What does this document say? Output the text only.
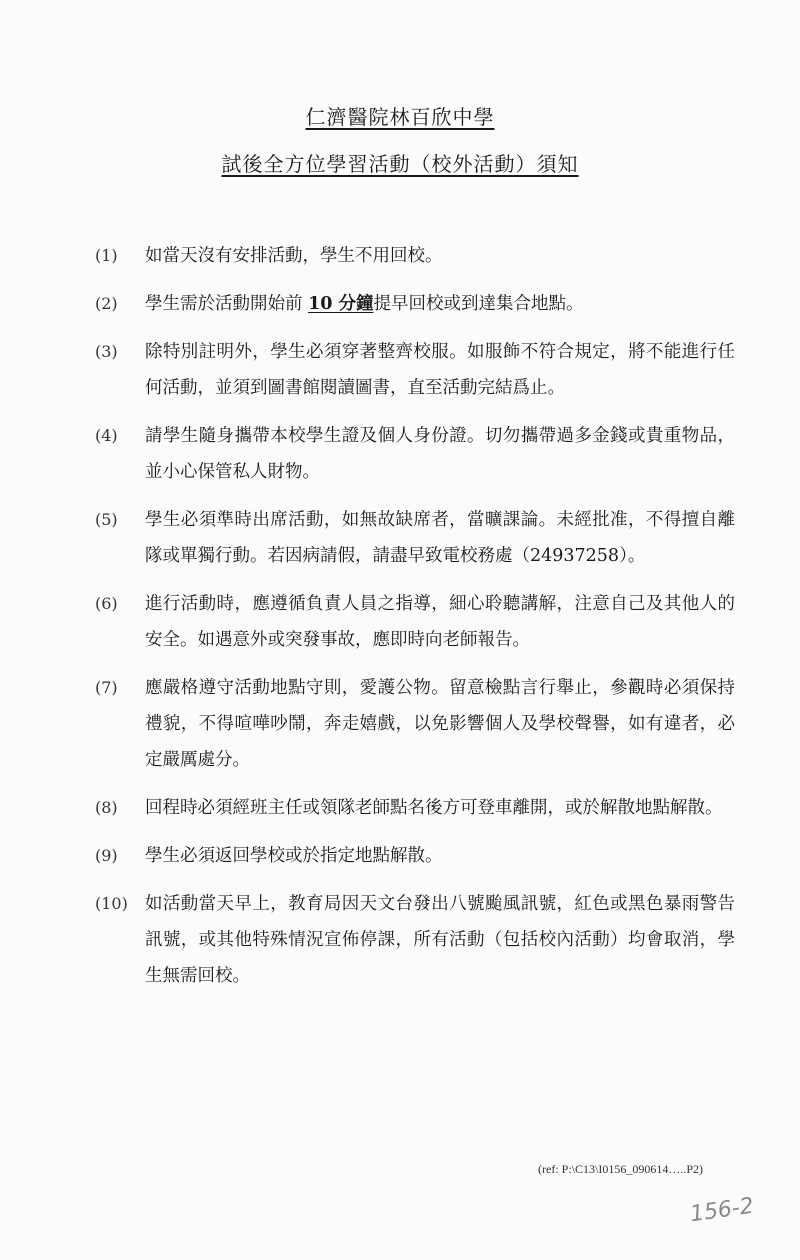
仁濟醫院林百欣中學
試後全方位學習活動（校外活動）須知
(1)	如當天沒有安排活動，學生不用回校。
(2)	學生需於活動開始前 10 分鐘提早回校或到達集合地點。
(3)	除特別註明外，學生必須穿著整齊校服。如服飾不符合規定，將不能進行任何活動，並須到圖書館閱讀圖書，直至活動完結爲止。
(4)	請學生隨身攜帶本校學生證及個人身份證。切勿攜帶過多金錢或貴重物品，並小心保管私人財物。
(5)	學生必須準時出席活動，如無故缺席者，當曠課論。未經批准，不得擅自離隊或單獨行動。若因病請假，請盡早致電校務處（24937258）。
(6)	進行活動時，應遵循負責人員之指導，細心聆聽講解，注意自己及其他人的安全。如遇意外或突發事故，應即時向老師報告。
(7)	應嚴格遵守活動地點守則，愛護公物。留意檢點言行舉止，參觀時必須保持禮貌，不得喧嘩吵鬧，奔走嬉戲，以免影響個人及學校聲譽，如有違者，必定嚴厲處分。
(8)	回程時必須經班主任或領隊老師點名後方可登車離開，或於解散地點解散。
(9)	學生必須返回學校或於指定地點解散。
(10) 如活動當天早上，教育局因天文台發出八號颱風訊號，紅色或黑色暴雨警告訊號，或其他特殊情況宣佈停課，所有活動（包括校內活動）均會取消，學生無需回校。
(ref: P:\C13\I0156_090614…..P2)
156-2
